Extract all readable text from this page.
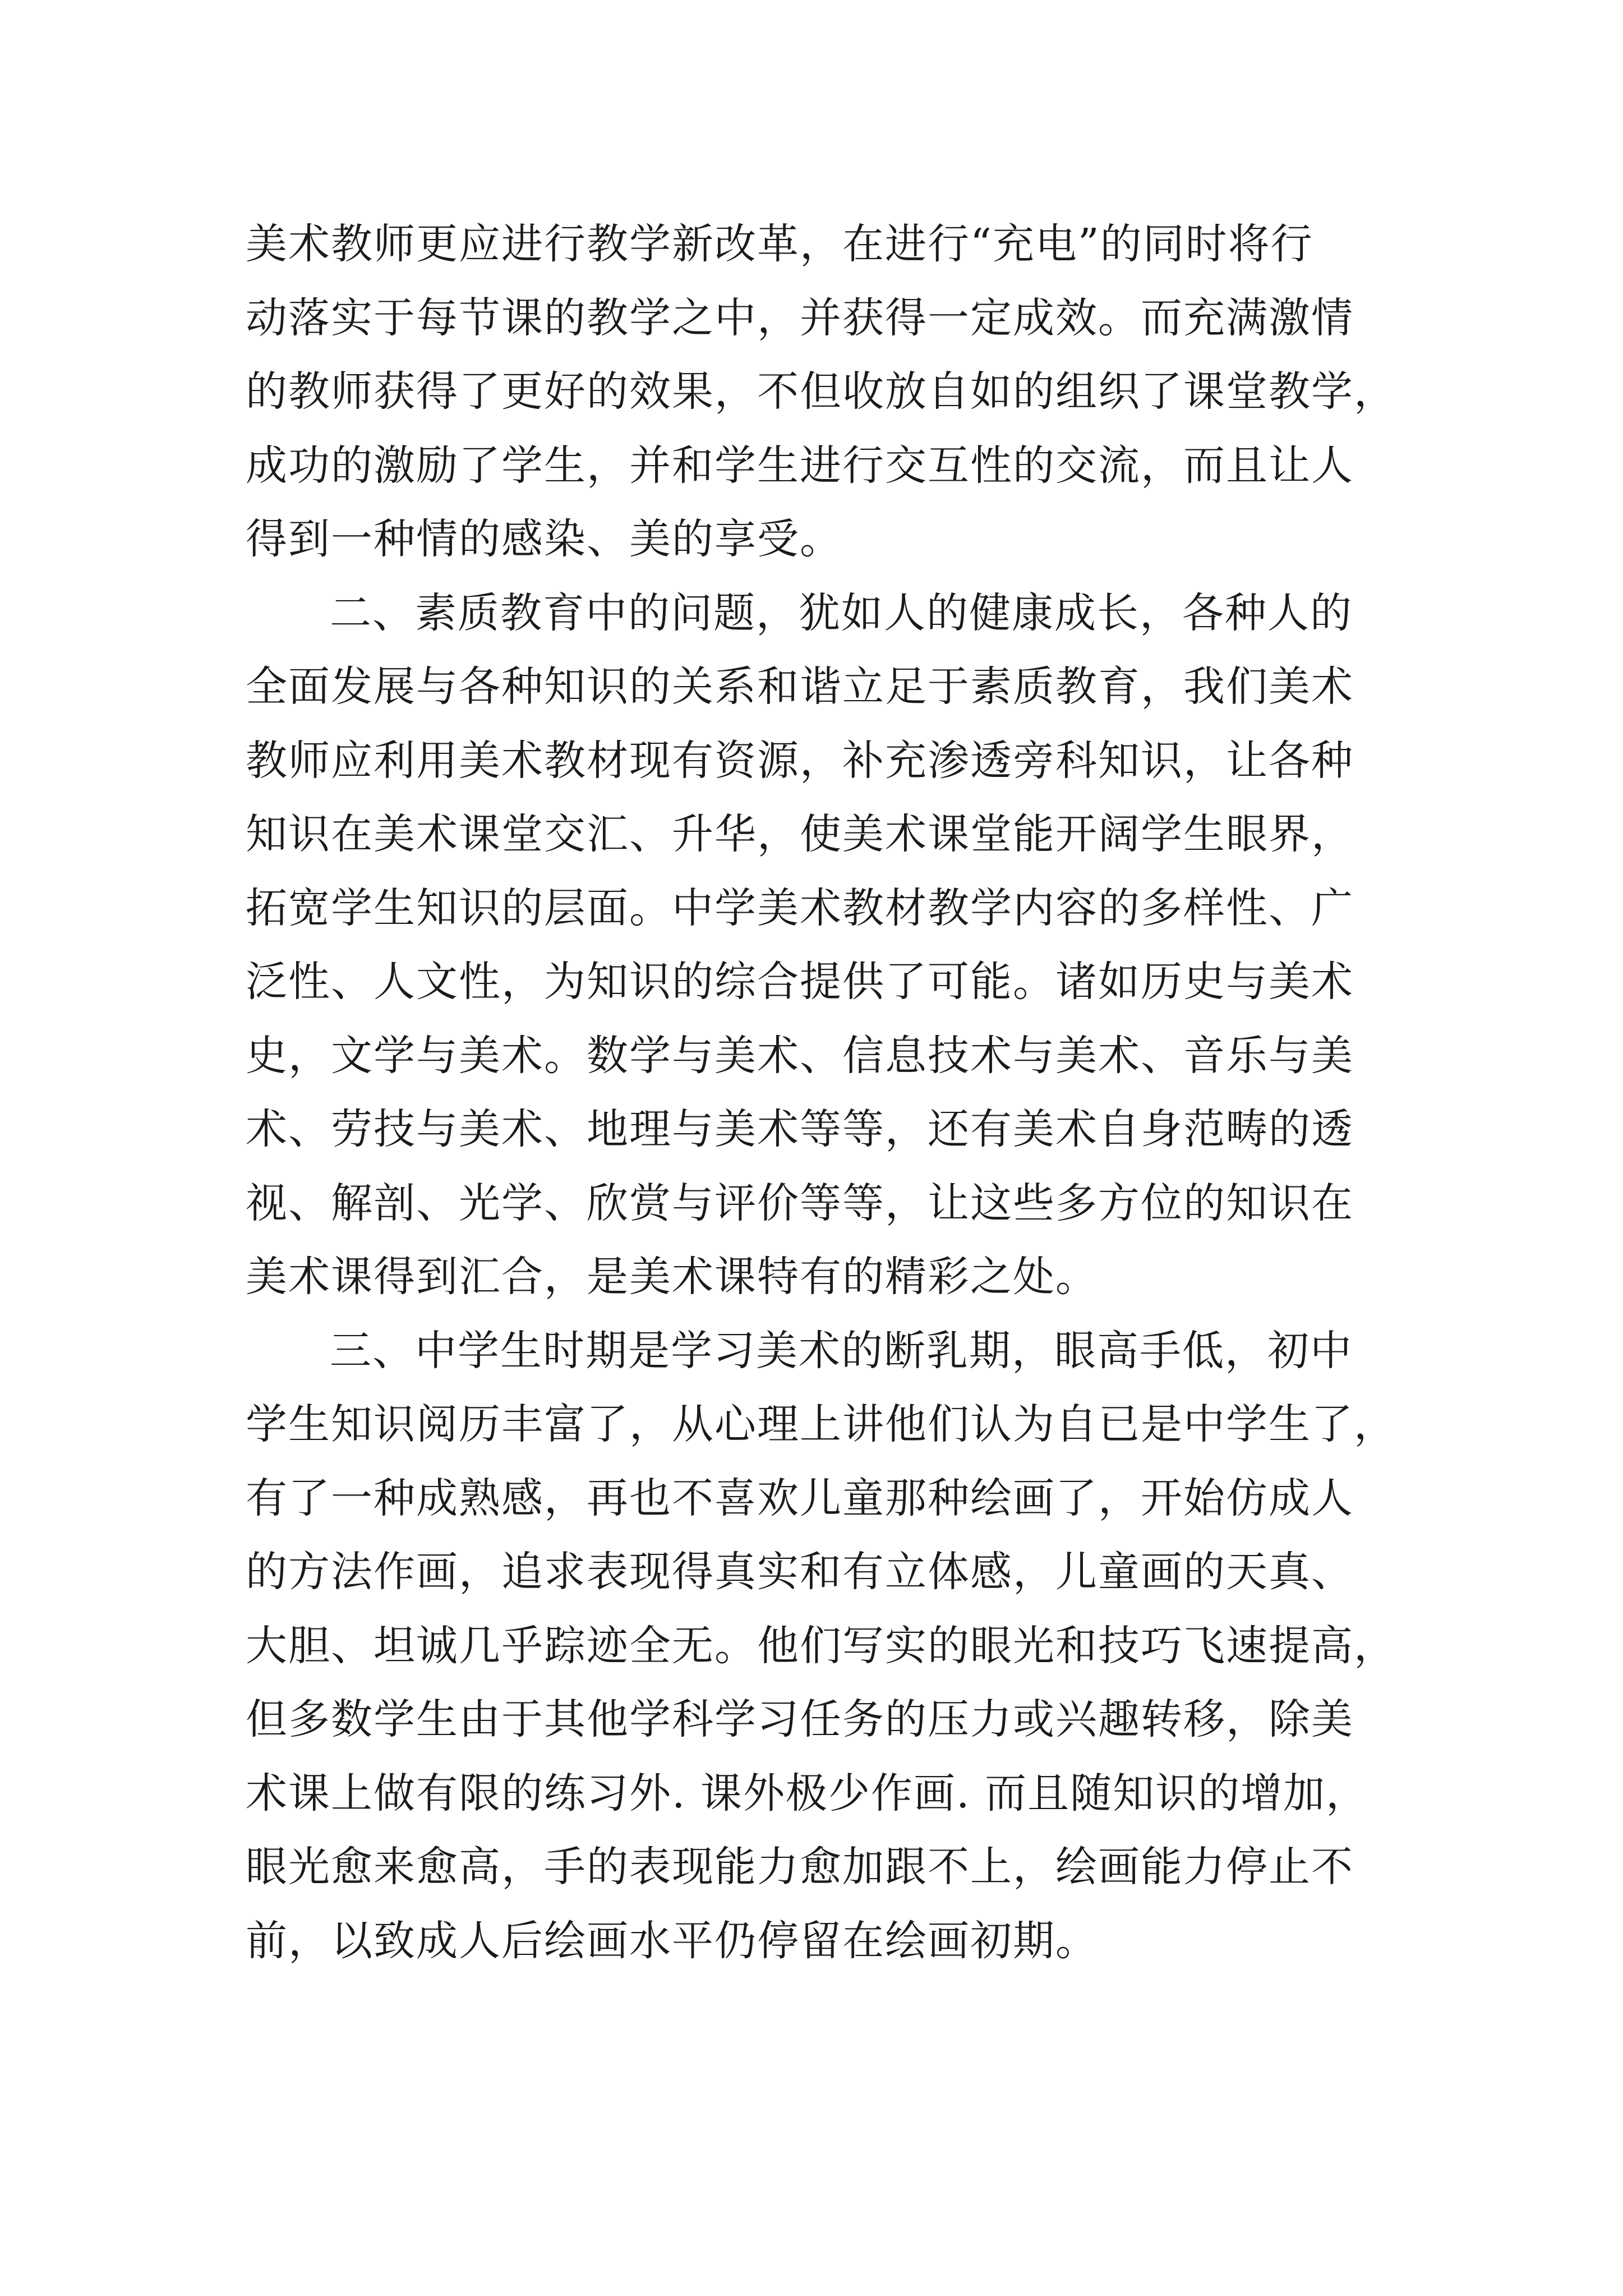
美术教师更应进行教学新改革，在进行“充电”的同时将行
动落实于每节课的教学之中，并获得一定成效。而充满激情
的教师获得了更好的效果，不但收放自如的组织了课堂教学，
成功的激励了学生，并和学生进行交互性的交流，而且让人
得到一种情的感染、美的享受。
二、素质教育中的问题，犹如人的健康成长，各种人的
全面发展与各种知识的关系和谐立足于素质教育，我们美术
教师应利用美术教材现有资源，补充渗透旁科知识，让各种
知识在美术课堂交汇、升华，使美术课堂能开阔学生眼界，
拓宽学生知识的层面。中学美术教材教学内容的多样性、广
泛性、人文性，为知识的综合提供了可能。诸如历史与美术
史，文学与美术。数学与美术、信息技术与美术、音乐与美
术、劳技与美术、地理与美术等等，还有美术自身范畴的透
视、解剖、光学、欣赏与评价等等，让这些多方位的知识在
美术课得到汇合，是美术课特有的精彩之处。
三、中学生时期是学习美术的断乳期，眼高手低，初中
学生知识阅历丰富了，从心理上讲他们认为自已是中学生了，
有了一种成熟感，再也不喜欢儿童那种绘画了，开始仿成人
的方法作画，追求表现得真实和有立体感，儿童画的天真、
大胆、坦诚几乎踪迹全无。他们写实的眼光和技巧飞速提高，
但多数学生由于其他学科学习任务的压力或兴趣转移，除美
术课上做有限的练习外. 课外极少作画. 而且随知识的增加，
眼光愈来愈高，手的表现能力愈加跟不上，绘画能力停止不
前，以致成人后绘画水平仍停留在绘画初期。
